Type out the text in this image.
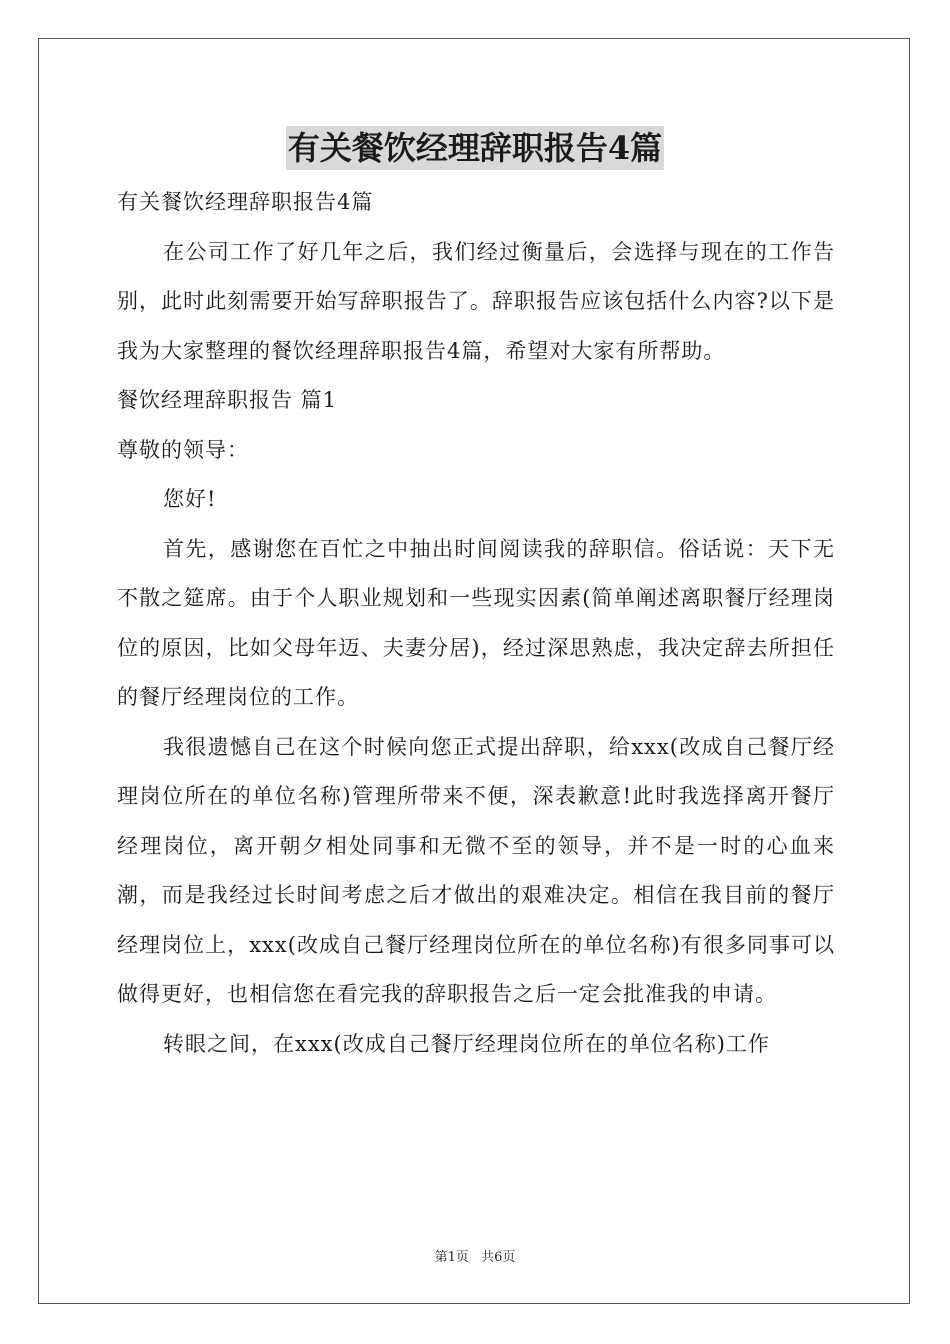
有关餐饮经理辞职报告4篇

有关餐饮经理辞职报告4篇

在公司工作了好几年之后，我们经过衡量后，会选择与现在的工作告别，此时此刻需要开始写辞职报告了。辞职报告应该包括什么内容?以下是我为大家整理的餐饮经理辞职报告4篇，希望对大家有所帮助。

餐饮经理辞职报告 篇1

尊敬的领导：

您好!

首先，感谢您在百忙之中抽出时间阅读我的辞职信。俗话说：天下无不散之筵席。由于个人职业规划和一些现实因素(简单阐述离职餐厅经理岗位的原因，比如父母年迈、夫妻分居)，经过深思熟虑，我决定辞去所担任的餐厅经理岗位的工作。

我很遗憾自己在这个时候向您正式提出辞职，给xxx(改成自己餐厅经理岗位所在的单位名称)管理所带来不便，深表歉意!此时我选择离开餐厅经理岗位，离开朝夕相处同事和无微不至的领导，并不是一时的心血来潮，而是我经过长时间考虑之后才做出的艰难决定。相信在我目前的餐厅经理岗位上，xxx(改成自己餐厅经理岗位所在的单位名称)有很多同事可以做得更好，也相信您在看完我的辞职报告之后一定会批准我的申请。

转眼之间，在xxx(改成自己餐厅经理岗位所在的单位名称)工作

第1页 共6页
